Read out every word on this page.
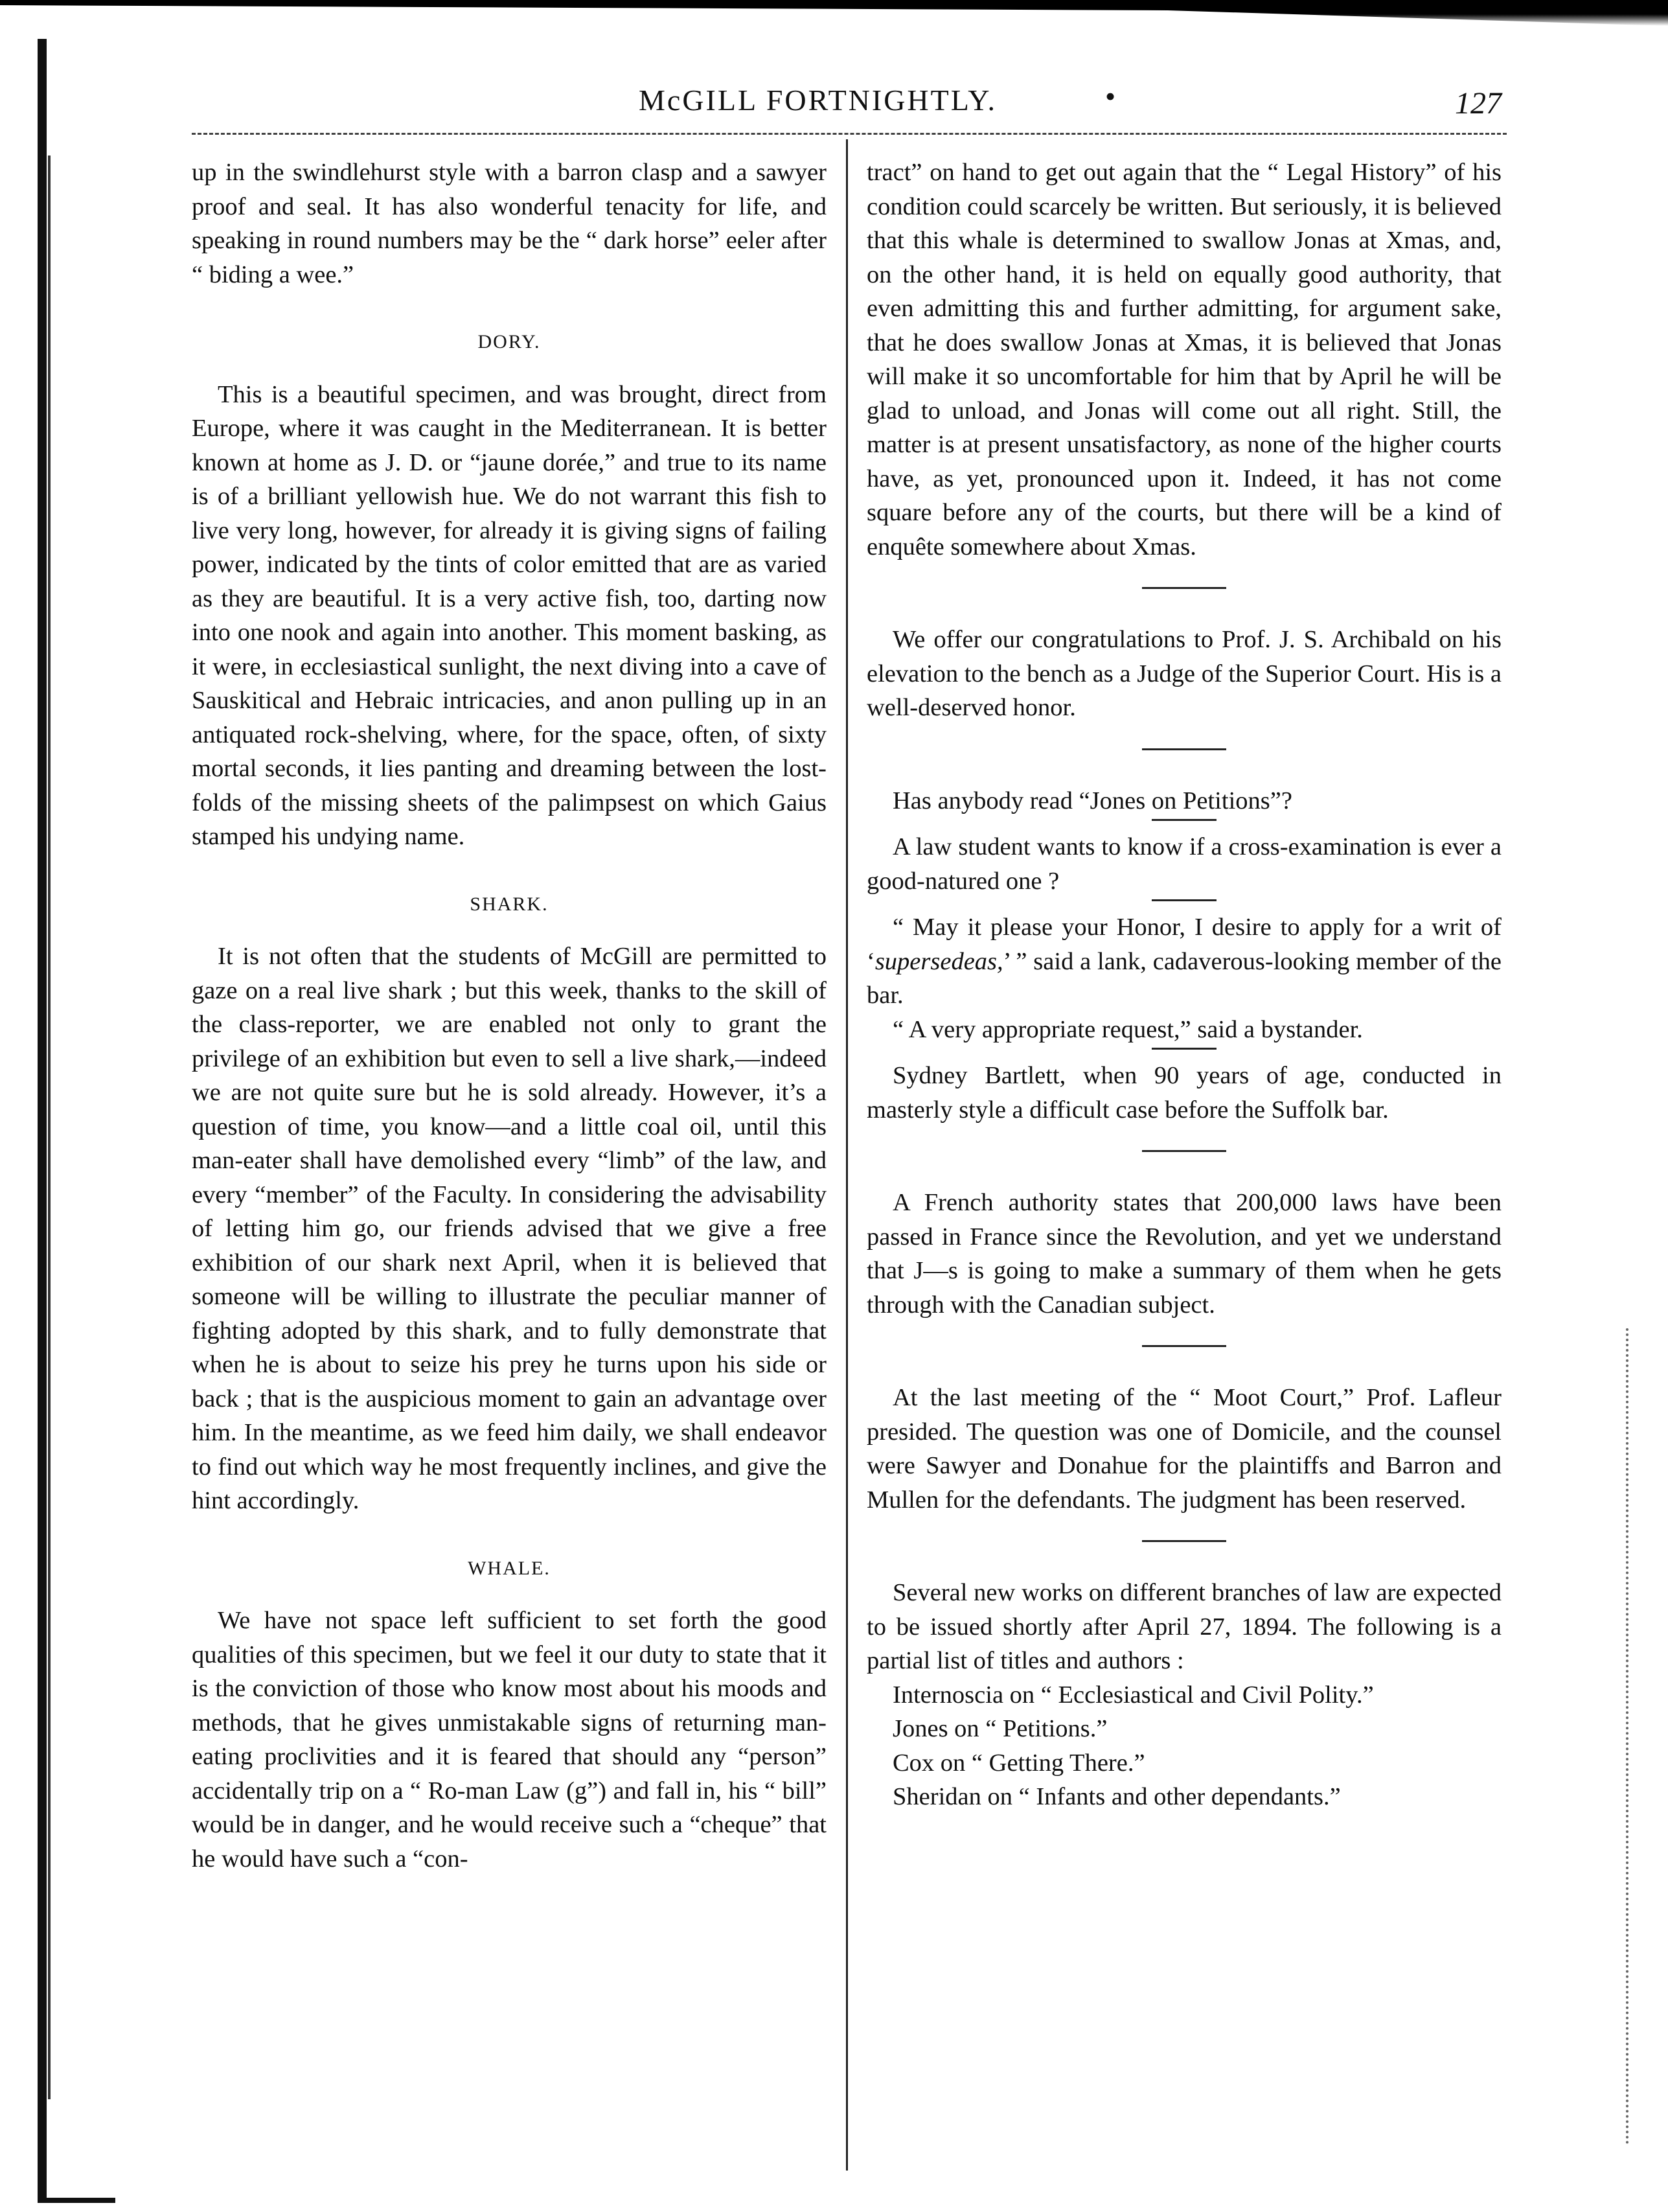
McGILL FORTNIGHTLY.	•	127

up in the swindlehurst style with a barron clasp and a sawyer proof and seal. It has also wonderful tenacity for life, and speaking in round numbers may be the “ dark horse” eeler after “ biding a wee.”

DORY.

This is a beautiful specimen, and was brought, direct from Europe, where it was caught in the Mediterranean. It is better known at home as J. D. or “jaune dorée,” and true to its name is of a brilliant yellowish hue. We do not warrant this fish to live very long, however, for already it is giving signs of failing power, indicated by the tints of color emitted that are as varied as they are beautiful. It is a very active fish, too, darting now into one nook and again into another. This moment basking, as it were, in ecclesiastical sunlight, the next diving into a cave of Sauskitical and Hebraic intricacies, and anon pulling up in an antiquated rock-shelving, where, for the space, often, of sixty mortal seconds, it lies panting and dreaming between the lost-folds of the missing sheets of the palimpsest on which Gaius stamped his undying name.

SHARK.

It is not often that the students of McGill are permitted to gaze on a real live shark ; but this week, thanks to the skill of the class-reporter, we are enabled not only to grant the privilege of an exhibition but even to sell a live shark,—indeed we are not quite sure but he is sold already. However, it’s a question of time, you know—and a little coal oil, until this man-eater shall have demolished every “limb” of the law, and every “member” of the Faculty. In considering the advisability of letting him go, our friends advised that we give a free exhibition of our shark next April, when it is believed that someone will be willing to illustrate the peculiar manner of fighting adopted by this shark, and to fully demonstrate that when he is about to seize his prey he turns upon his side or back ; that is the auspicious moment to gain an advantage over him. In the meantime, as we feed him daily, we shall endeavor to find out which way he most frequently inclines, and give the hint accordingly.

WHALE.

We have not space left sufficient to set forth the good qualities of this specimen, but we feel it our duty to state that it is the conviction of those who know most about his moods and methods, that he gives unmistakable signs of returning man-eating proclivities and it is feared that should any “person” accidentally trip on a “ Ro-man Law (g”) and fall in, his “ bill” would be in danger, and he would receive such a “cheque” that he would have such a “con-

tract” on hand to get out again that the “ Legal History” of his condition could scarcely be written. But seriously, it is believed that this whale is determined to swallow Jonas at Xmas, and, on the other hand, it is held on equally good authority, that even admitting this and further admitting, for argument sake, that he does swallow Jonas at Xmas, it is believed that Jonas will make it so uncomfortable for him that by April he will be glad to unload, and Jonas will come out all right. Still, the matter is at present unsatisfactory, as none of the higher courts have, as yet, pronounced upon it. Indeed, it has not come square before any of the courts, but there will be a kind of enquête somewhere about Xmas.

We offer our congratulations to Prof. J. S. Archibald on his elevation to the bench as a Judge of the Superior Court. His is a well-deserved honor.

Has anybody read “Jones on Petitions”?

A law student wants to know if a cross-examination is ever a good-natured one ?

“ May it please your Honor, I desire to apply for a writ of ‘supersedeas,’ ” said a lank, cadaverous-looking member of the bar.

“ A very appropriate request,” said a bystander.

Sydney Bartlett, when 90 years of age, conducted in masterly style a difficult case before the Suffolk bar.

A French authority states that 200,000 laws have been passed in France since the Revolution, and yet we understand that J—s is going to make a summary of them when he gets through with the Canadian subject.

At the last meeting of the “ Moot Court,” Prof. Lafleur presided. The question was one of Domicile, and the counsel were Sawyer and Donahue for the plaintiffs and Barron and Mullen for the defendants. The judgment has been reserved.

Several new works on different branches of law are expected to be issued shortly after April 27, 1894. The following is a partial list of titles and authors :

Internoscia on “ Ecclesiastical and Civil Polity.”

Jones on “ Petitions.”

Cox on “ Getting There.”

Sheridan on “ Infants and other dependants.”
